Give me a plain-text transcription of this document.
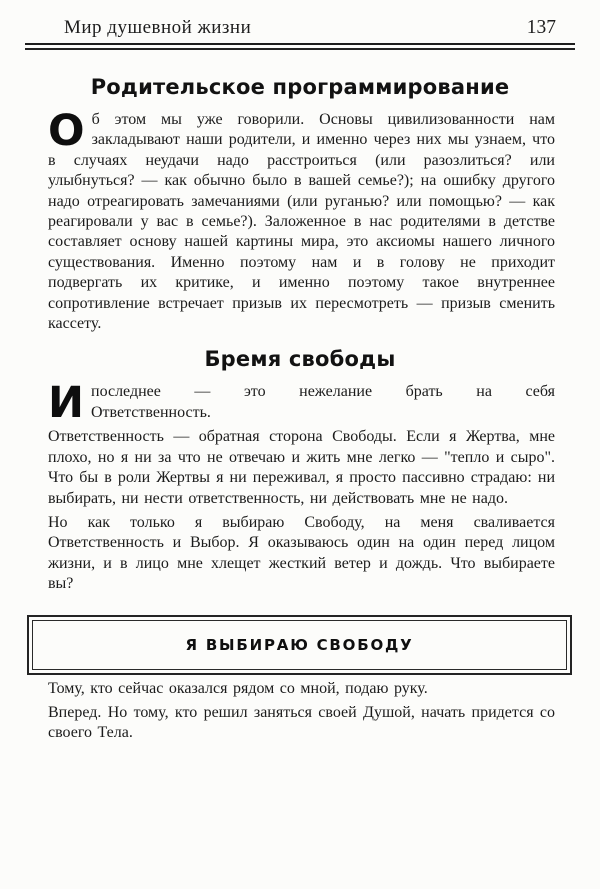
Мир душевной жизни	137
Родительское программирование

Об этом мы уже говорили. Основы цивилизованности нам закладывают наши родители, и именно через них мы узнаем, что в случаях неудачи надо расстроиться (или разозлиться? или улыбнуться? — как обычно было в вашей семье?); на ошибку другого надо отреагировать замечаниями (или руганью? или помощью? — как реагировали у вас в семье?). Заложенное в нас родителями в детстве составляет основу нашей картины мира, это аксиомы нашего личного существования. Именно поэтому нам и в голову не приходит подвергать их критике, и именно поэтому такое внутреннее сопротивление встречает призыв их пересмотреть — призыв сменить кассету.

Бремя свободы

И последнее — это нежелание брать на себя
Ответственность.

Ответственность — обратная сторона Свободы. Если я Жертва, мне плохо, но я ни за что не отвечаю и жить мне легко — "тепло и сыро". Что бы в роли Жертвы я ни переживал, я просто пассивно страдаю: ни выбирать, ни нести ответственность, ни действовать мне не надо.

Но как только я выбираю Свободу, на меня сваливается Ответственность и Выбор. Я оказываюсь один на один перед лицом жизни, и в лицо мне хлещет жесткий ветер и дождь. Что выбираете вы?

Я ВЫБИРАЮ СВОБОДУ

Тому, кто сейчас оказался рядом со мной, подаю руку.

Вперед. Но тому, кто решил заняться своей Душой, начать придется со своего Тела.
